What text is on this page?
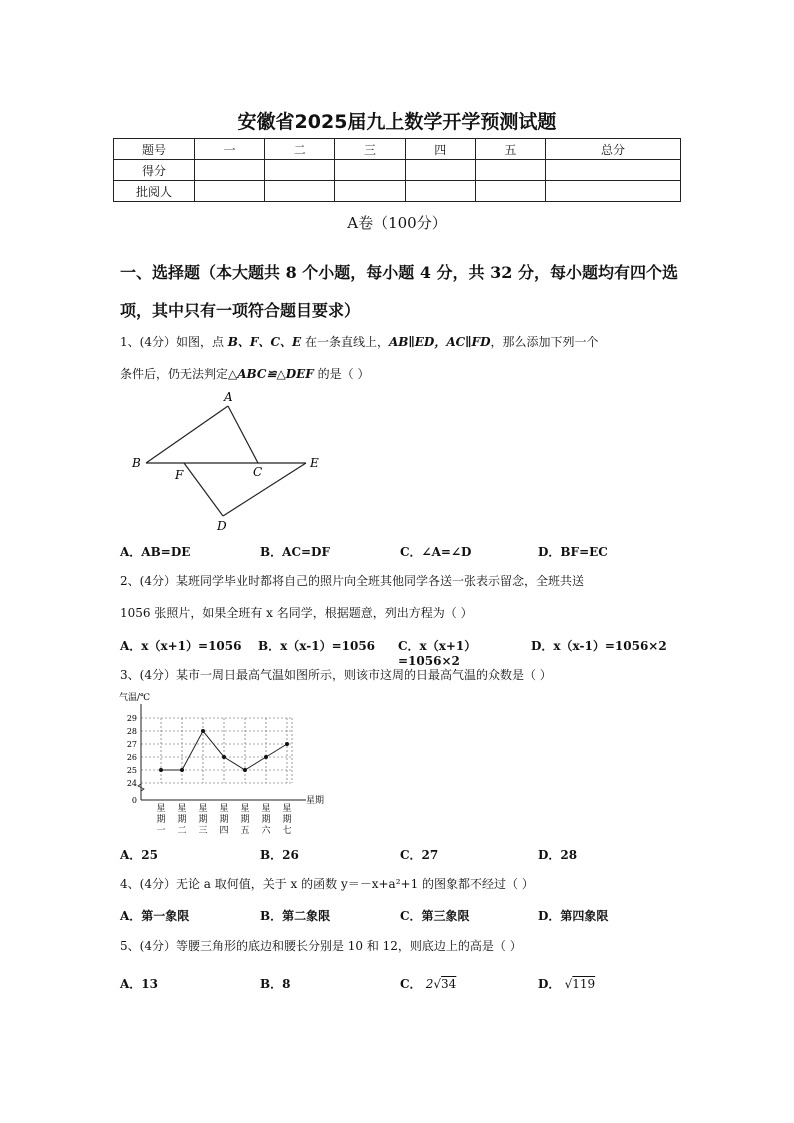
安徽省2025届九上数学开学预测试题
题号	一	二	三	四	五	总分
得分						
批阅人						
A卷（100分）
一、选择题（本大题共 8 个小题，每小题 4 分，共 32 分，每小题均有四个选项，其中只有一项符合题目要求）
1、(4分）如图，点 B、F、C、E 在一条直线上，AB∥ED，AC∥FD，那么添加下列一个
条件后，仍无法判定△ABC≌△DEF 的是（ ）
A
B
C
D
E
F
A．AB=DE	B．AC=DF	C．∠A=∠D	D．BF=EC
2、(4分）某班同学毕业时都将自己的照片向全班其他同学各送一张表示留念，全班共送
1056 张照片，如果全班有 x 名同学，根据题意，列出方程为（ ）
A．x（x+1）=1056	B．x（x-1）=1056	C．x（x+1）=1056×2
D．x（x-1）=1056×2
3、(4分）某市一周日最高气温如图所示，则该市这周的日最高气温的众数是（ ）
气温/℃
星期
0
24
25
26
27
28
29
星
期
一
星
期
二
星
期
三
星
期
四
星
期
五
星
期
六
星
期
七
A．25	B．26	C．27	D．28
4、(4分）无论 a 取何值，关于 x 的函数 y＝－x+a²+1 的图象都不经过（ ）
A．第一象限	B．第二象限	C．第三象限	D．第四象限
5、(4分）等腰三角形的底边和腰长分别是 10 和 12，则底边上的高是（ ）
A．13	B．8	C． 2√34	D． √119
